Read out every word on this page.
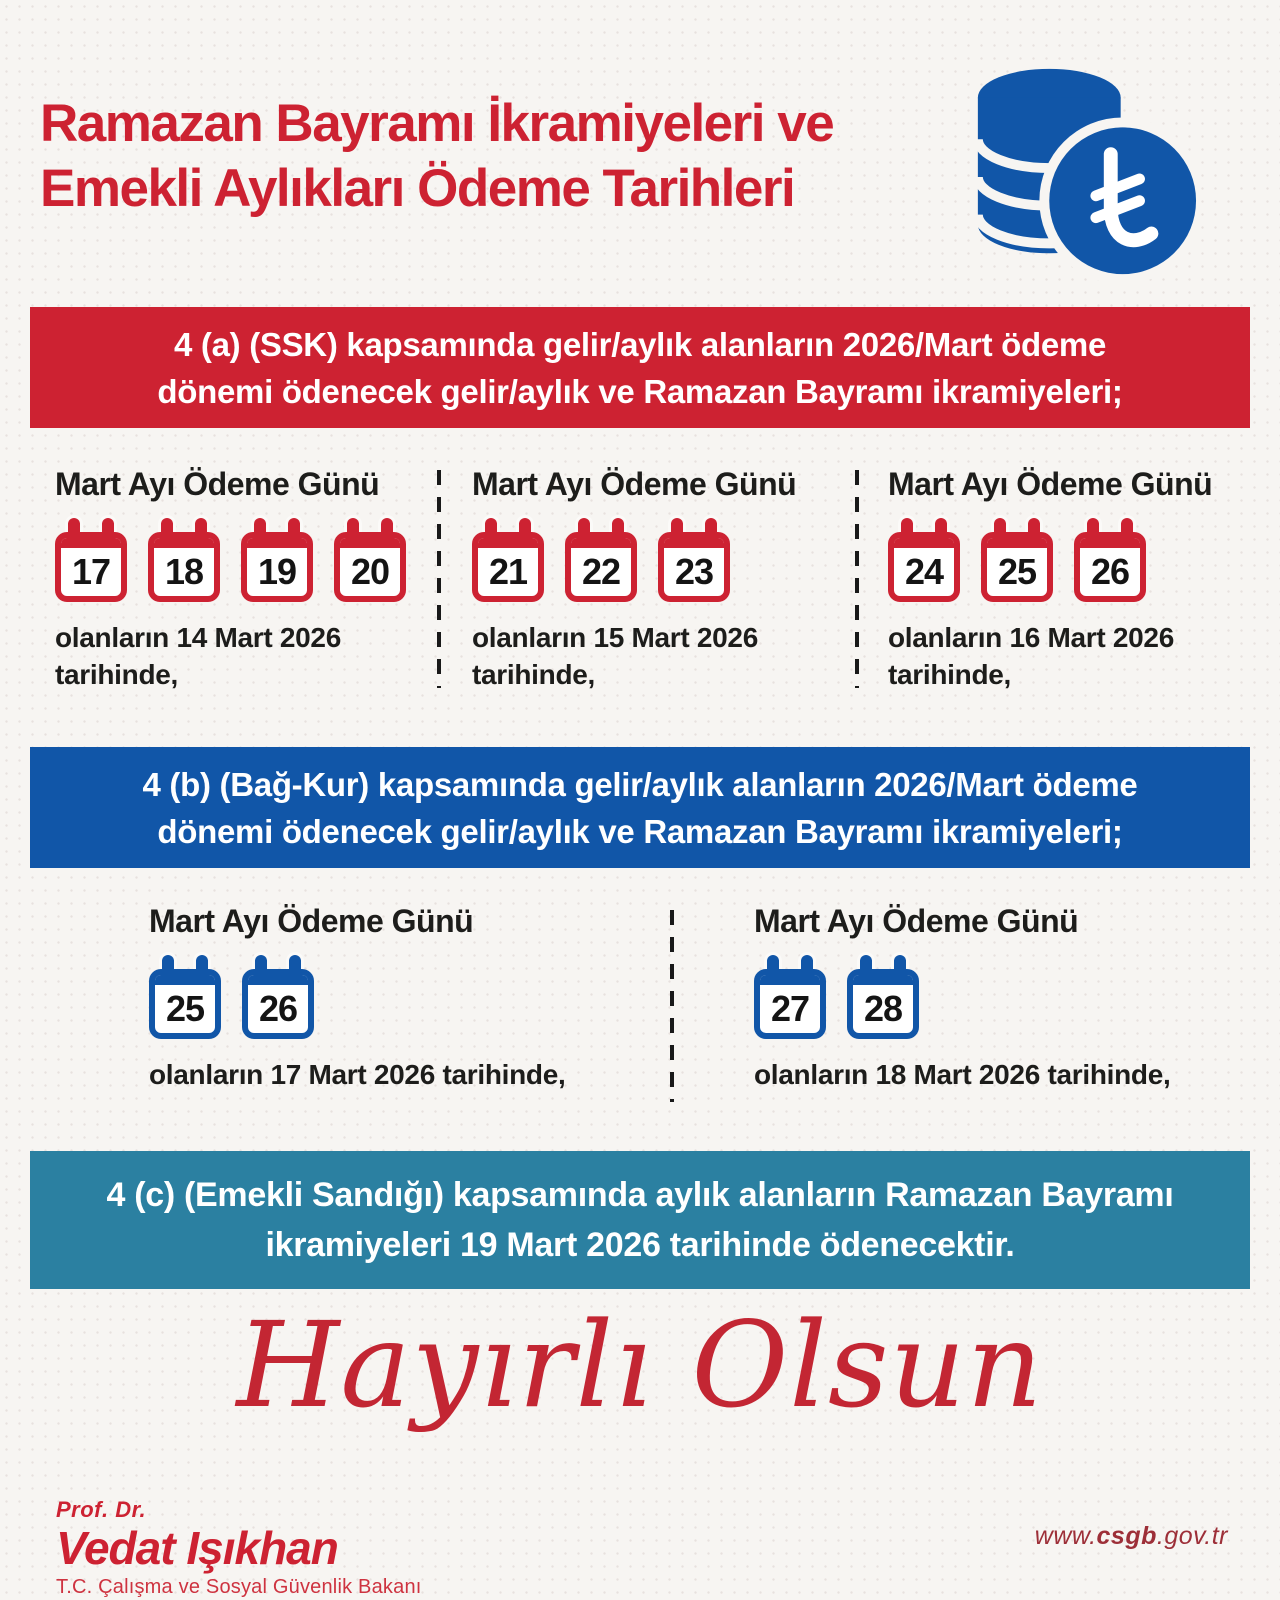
Ramazan Bayramı İkramiyeleri ve
Emekli Aylıkları Ödeme Tarihleri
4 (a) (SSK) kapsamında gelir/aylık alanların 2026/Mart ödeme
dönemi ödenecek gelir/aylık ve Ramazan Bayramı ikramiyeleri;
Mart Ayı Ödeme Günü
17	18	19	20
olanların 14 Mart 2026
tarihinde,
Mart Ayı Ödeme Günü
21	22	23
olanların 15 Mart 2026
tarihinde,
Mart Ayı Ödeme Günü
24	25	26
olanların 16 Mart 2026
tarihinde,
4 (b) (Bağ-Kur) kapsamında gelir/aylık alanların 2026/Mart ödeme
dönemi ödenecek gelir/aylık ve Ramazan Bayramı ikramiyeleri;
Mart Ayı Ödeme Günü
25	26
olanların 17 Mart 2026 tarihinde,
Mart Ayı Ödeme Günü
27	28
olanların 18 Mart 2026 tarihinde,
4 (c) (Emekli Sandığı) kapsamında aylık alanların Ramazan Bayramı
ikramiyeleri 19 Mart 2026 tarihinde ödenecektir.
Hayırlı Olsun
Prof. Dr.
Vedat Işıkhan
T.C. Çalışma ve Sosyal Güvenlik Bakanı
www.csgb.gov.tr
